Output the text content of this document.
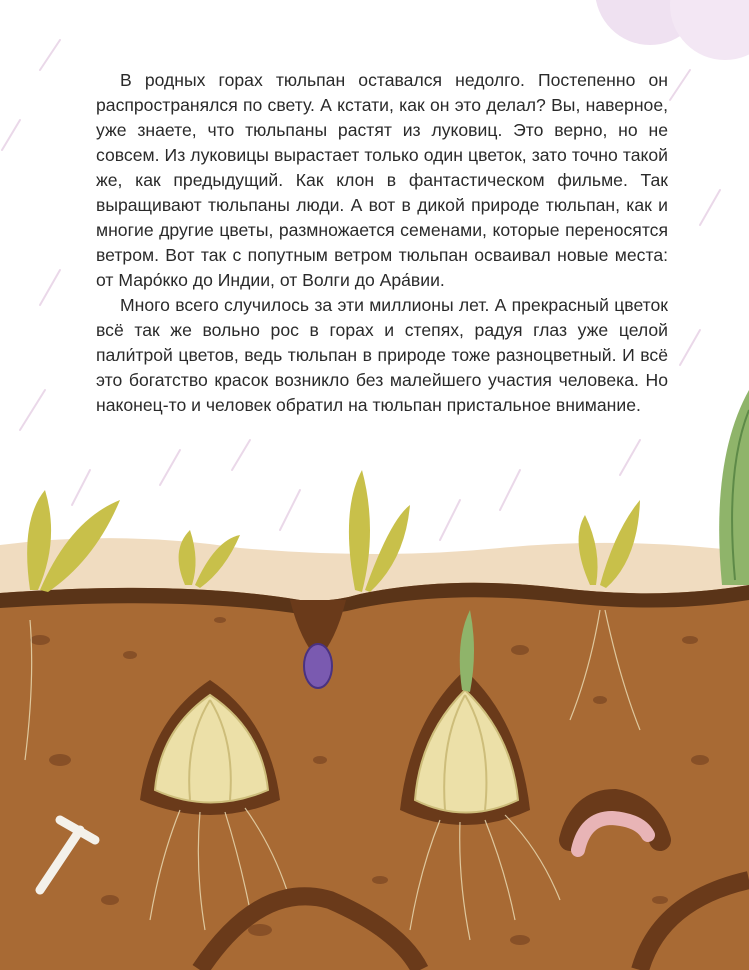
В родных горах тюльпан оставался недолго. Постепенно он распространялся по свету. А кстати, как он это делал? Вы, наверное, уже знаете, что тюльпаны растят из луковиц. Это верно, но не совсем. Из луковицы вырастает только один цветок, зато точно такой же, как предыдущий. Как клон в фантастическом фильме. Так выращивают тюльпаны люди. А вот в дикой природе тюльпан, как и многие другие цветы, размножается семенами, которые переносятся ветром. Вот так с попутным ветром тюльпан осваивал новые места: от Маро́кко до Индии, от Волги до Ара́вии.

Много всего случилось за эти миллионы лет. А прекрасный цветок всё так же вольно рос в горах и степях, радуя глаз уже целой пали́трой цветов, ведь тюльпан в природе тоже разноцветный. И всё это богатство красок возникло без малейшего участия человека. Но наконец-то и человек обратил на тюльпан пристальное внимание.
